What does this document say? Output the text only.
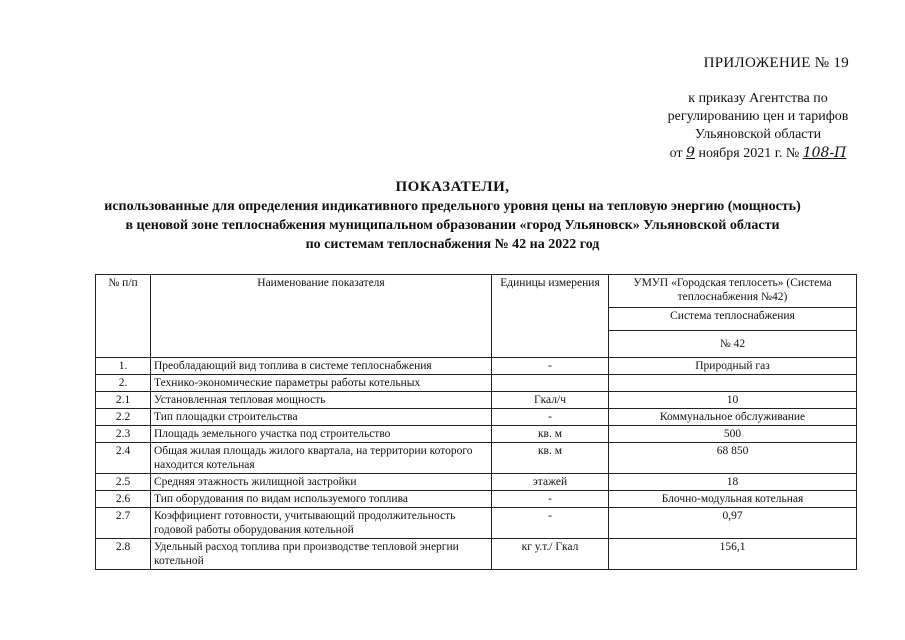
ПРИЛОЖЕНИЕ № 19
к приказу Агентства по
регулированию цен и тарифов
Ульяновской области
от 9 ноября 2021 г. № 108-П
ПОКАЗАТЕЛИ,
использованные для определения индикативного предельного уровня цены на тепловую энергию (мощность)
в ценовой зоне теплоснабжения муниципальном образовании «город Ульяновск» Ульяновской области
по системам теплоснабжения № 42 на 2022 год
№ п/п	Наименование показателя	Единицы измерения	УМУП «Городская теплосеть» (Система теплоснабжения №42)
			Система теплоснабжения
			№ 42
1.	Преобладающий вид топлива в системе теплоснабжения	-	Природный газ
2.	Технико-экономические параметры работы котельных		
2.1	Установленная тепловая мощность	Гкал/ч	10
2.2	Тип площадки строительства	-	Коммунальное обслуживание
2.3	Площадь земельного участка под строительство	кв. м	500
2.4	Общая жилая площадь жилого квартала, на территории которого находится котельная	кв. м	68 850
2.5	Средняя этажность жилищной застройки	этажей	18
2.6	Тип оборудования по видам используемого топлива	-	Блочно-модульная котельная
2.7	Коэффициент готовности, учитывающий продолжительность годовой работы оборудования котельной	-	0,97
2.8	Удельный расход топлива при производстве тепловой энергии котельной	кг у.т./ Гкал	156,1
